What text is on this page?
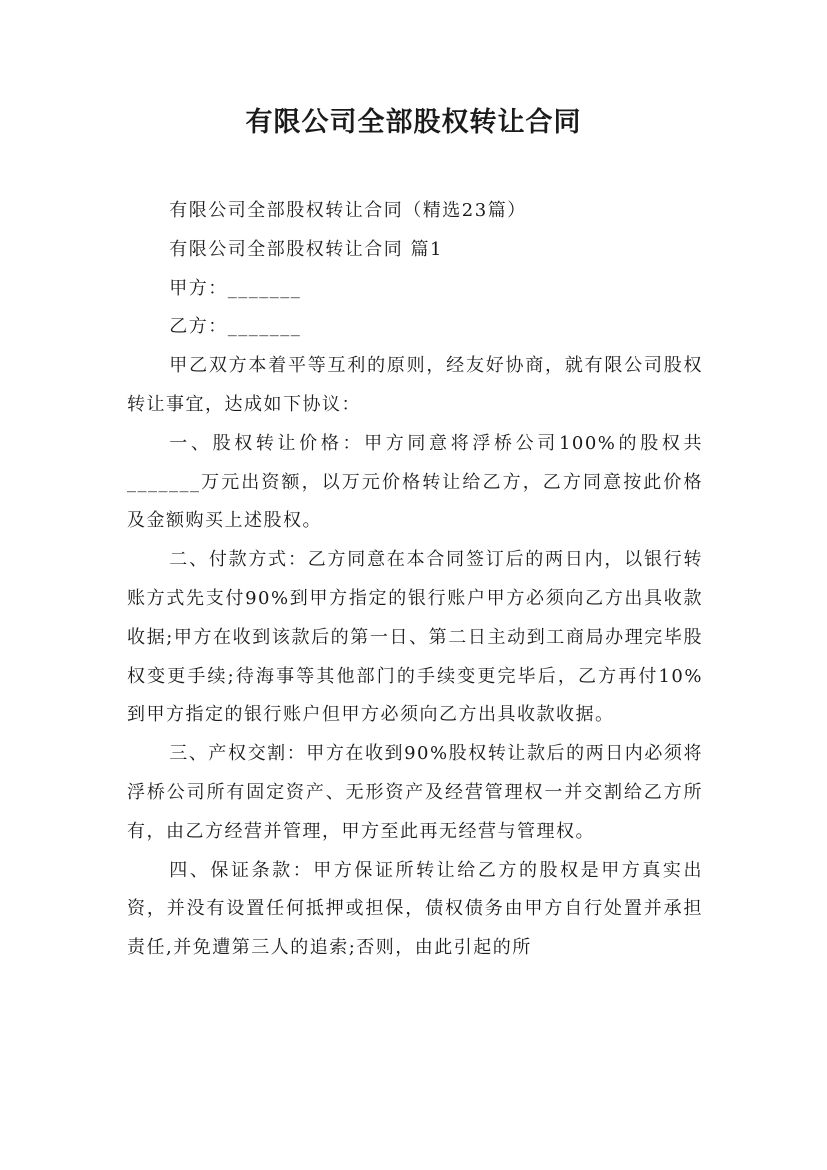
有限公司全部股权转让合同

有限公司全部股权转让合同（精选23篇）

有限公司全部股权转让合同 篇1

甲方：_______

乙方：_______

甲乙双方本着平等互利的原则，经友好协商，就有限公司股权转让事宜，达成如下协议：

一、股权转让价格：甲方同意将浮桥公司100%的股权共_______万元出资额，以万元价格转让给乙方，乙方同意按此价格及金额购买上述股权。

二、付款方式：乙方同意在本合同签订后的两日内，以银行转账方式先支付90%到甲方指定的银行账户甲方必须向乙方出具收款收据;甲方在收到该款后的第一日、第二日主动到工商局办理完毕股权变更手续;待海事等其他部门的手续变更完毕后，乙方再付10%到甲方指定的银行账户但甲方必须向乙方出具收款收据。

三、产权交割：甲方在收到90%股权转让款后的两日内必须将浮桥公司所有固定资产、无形资产及经营管理权一并交割给乙方所有，由乙方经营并管理，甲方至此再无经营与管理权。

四、保证条款：甲方保证所转让给乙方的股权是甲方真实出资，并没有设置任何抵押或担保，债权债务由甲方自行处置并承担责任,并免遭第三人的追索;否则，由此引起的所
